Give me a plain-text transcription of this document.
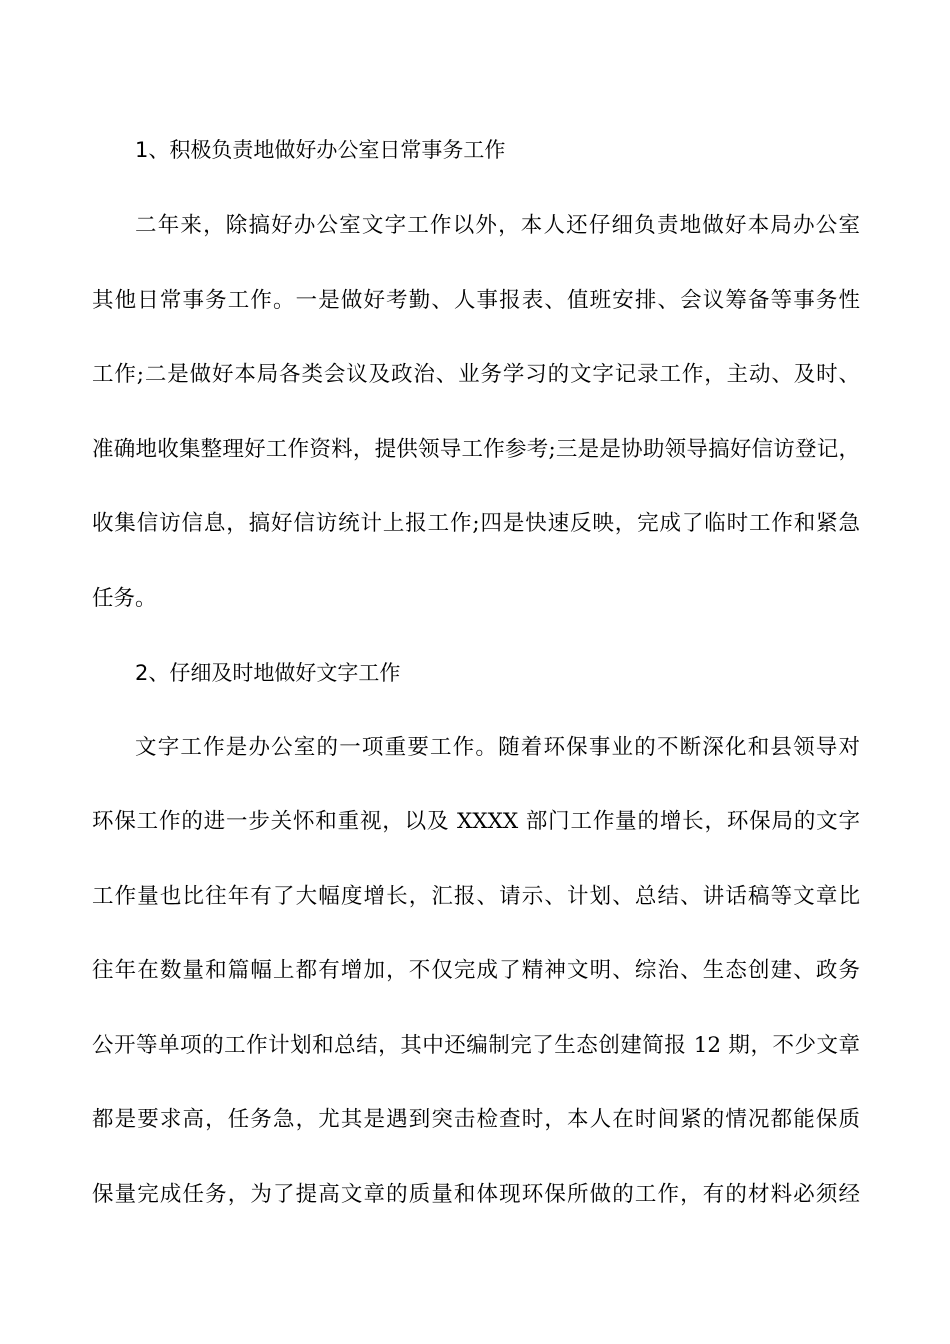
1、积极负责地做好办公室日常事务工作
二年来，除搞好办公室文字工作以外，本人还仔细负责地做好本局办公室
其他日常事务工作。一是做好考勤、人事报表、值班安排、会议筹备等事务性
工作;二是做好本局各类会议及政治、业务学习的文字记录工作，主动、及时、
准确地收集整理好工作资料，提供领导工作参考;三是是协助领导搞好信访登记，
收集信访信息，搞好信访统计上报工作;四是快速反映，完成了临时工作和紧急
任务。
2、仔细及时地做好文字工作
文字工作是办公室的一项重要工作。随着环保事业的不断深化和县领导对
环保工作的进一步关怀和重视，以及 XXXX 部门工作量的增长，环保局的文字
工作量也比往年有了大幅度增长，汇报、请示、计划、总结、讲话稿等文章比
往年在数量和篇幅上都有增加，不仅完成了精神文明、综治、生态创建、政务
公开等单项的工作计划和总结，其中还编制完了生态创建简报 12 期，不少文章
都是要求高，任务急，尤其是遇到突击检查时，本人在时间紧的情况都能保质
保量完成任务，为了提高文章的质量和体现环保所做的工作，有的材料必须经
